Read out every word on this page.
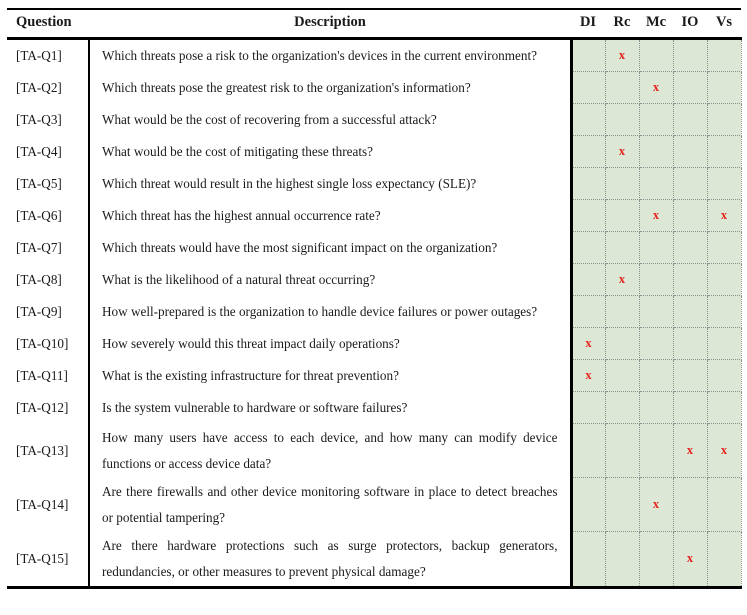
Question	Description	DI	Rc	Mc	IO	Vs
[TA-Q1]	Which threats pose a risk to the organization's devices in the current environment?		x			
[TA-Q2]	Which threats pose the greatest risk to the organization's information?			x		
[TA-Q3]	What would be the cost of recovering from a successful attack?					
[TA-Q4]	What would be the cost of mitigating these threats?		x			
[TA-Q5]	Which threat would result in the highest single loss expectancy (SLE)?					
[TA-Q6]	Which threat has the highest annual occurrence rate?			x		x
[TA-Q7]	Which threats would have the most significant impact on the organization?					
[TA-Q8]	What is the likelihood of a natural threat occurring?		x			
[TA-Q9]	How well-prepared is the organization to handle device failures or power outages?					
[TA-Q10]	How severely would this threat impact daily operations?	x				
[TA-Q11]	What is the existing infrastructure for threat prevention?	x				
[TA-Q12]	Is the system vulnerable to hardware or software failures?					
[TA-Q13]	How many users have access to each device, and how many can modify device functions or access device data?				x	x
[TA-Q14]	Are there firewalls and other device monitoring software in place to detect breaches or potential tampering?			x		
[TA-Q15]	Are there hardware protections such as surge protectors, backup generators, redundancies, or other measures to prevent physical damage?				x	
